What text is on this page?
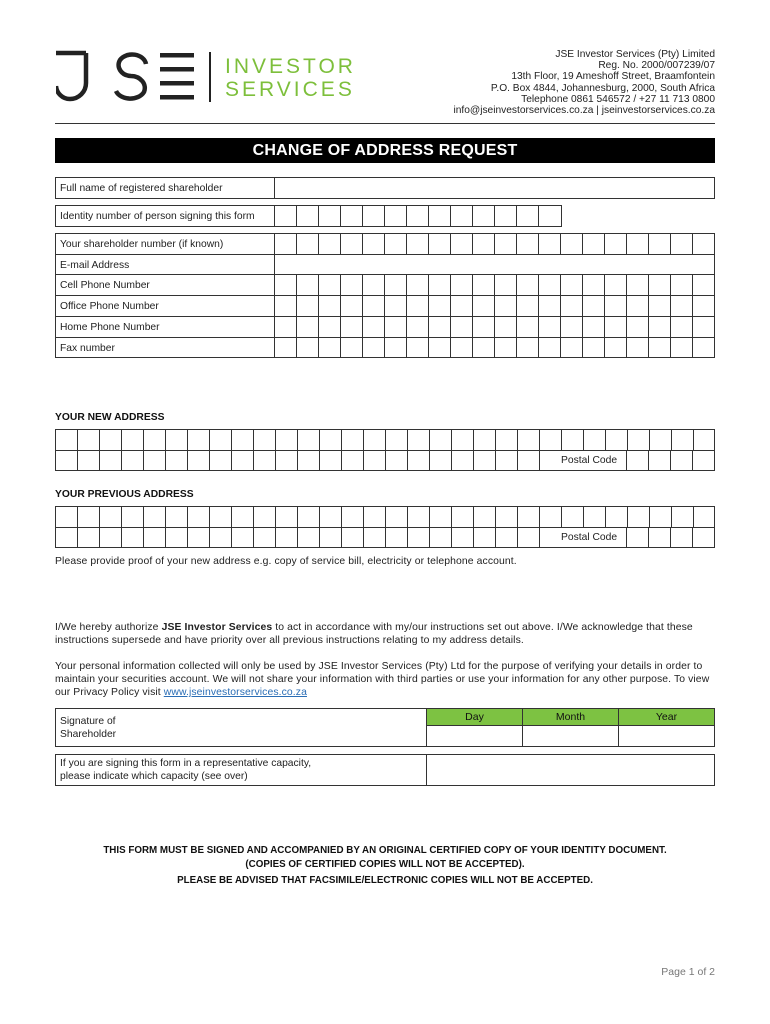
INVESTOR
SERVICES
JSE Investor Services (Pty) Limited
Reg. No. 2000/007239/07
13th Floor, 19 Ameshoff Street, Braamfontein
P.O. Box 4844, Johannesburg, 2000, South Africa
Telephone 0861 546572 / +27 11 713 0800
info@jseinvestorservices.co.za | jseinvestorservices.co.za
CHANGE OF ADDRESS REQUEST
Full name of registered shareholder
Identity number of person signing this form
Your shareholder number (if known)
E-mail Address
Cell Phone Number
Office Phone Number
Home Phone Number
Fax number
YOUR NEW ADDRESS
Postal Code
YOUR PREVIOUS ADDRESS
Postal Code
Please provide proof of your new address e.g. copy of service bill, electricity or telephone account.
I/We hereby authorize JSE Investor Services to act in accordance with my/our instructions set out above. I/We acknowledge that these instructions supersede and have priority over all previous instructions relating to my address details.
Your personal information collected will only be used by JSE Investor Services (Pty) Ltd for the purpose of verifying your details in order to maintain your securities account. We will not share your information with third parties or use your information for any other purpose. To view our Privacy Policy visit www.jseinvestorservices.co.za
Signature of
Shareholder
Day	Month	Year
If you are signing this form in a representative capacity,
please indicate which capacity (see over)
THIS FORM MUST BE SIGNED AND ACCOMPANIED BY AN ORIGINAL CERTIFIED COPY OF YOUR IDENTITY DOCUMENT.
(COPIES OF CERTIFIED COPIES WILL NOT BE ACCEPTED).
PLEASE BE ADVISED THAT FACSIMILE/ELECTRONIC COPIES WILL NOT BE ACCEPTED.
Page 1 of 2
